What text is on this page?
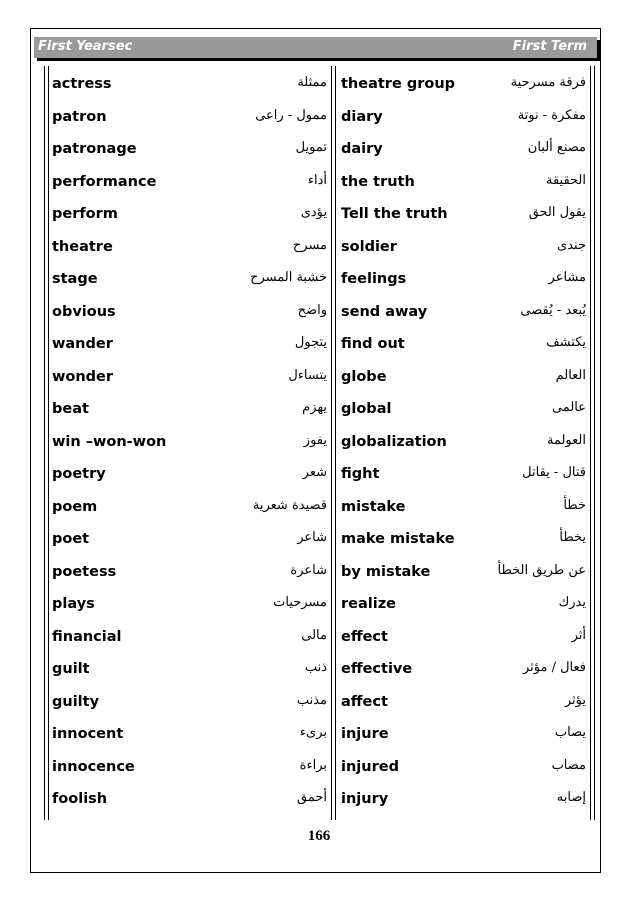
First Yearsec	First Term
actress	ممثلة theatre group	فرقة مسرحية
patron	ممول - راعى diary	مفكرة - نوتة
patronage	تمويل dairy	مصنع ألبان
performance	أداء the truth	الحقيقة
perform	يؤدى Tell the truth	يقول الحق
theatre	مسرح soldier	جندى
stage	خشبة المسرح feelings	مشاعر
obvious	واضح send away	يُبعد - يُقصى
wander	يتجول find out	يكتشف
wonder	يتساءل globe	العالم
beat	يهزم global	عالمى
win –won-won	يفوز globalization	العولمة
poetry	شعر fight	قتال - يقاتل
poem	قصيدة شعرية mistake	خطأ
poet	شاعر make mistake	يخطأ
poetess	شاعرة by mistake	عن طريق الخطأ
plays	مسرحيات realize	يدرك
financial	مالى effect	أثر
guilt	ذنب effective	فعال / مؤثر
guilty	مذنب affect	يؤثر
innocent	برىء injure	يصاب
innocence	براءة injured	مصاب
foolish	أحمق injury	إصابه
166
